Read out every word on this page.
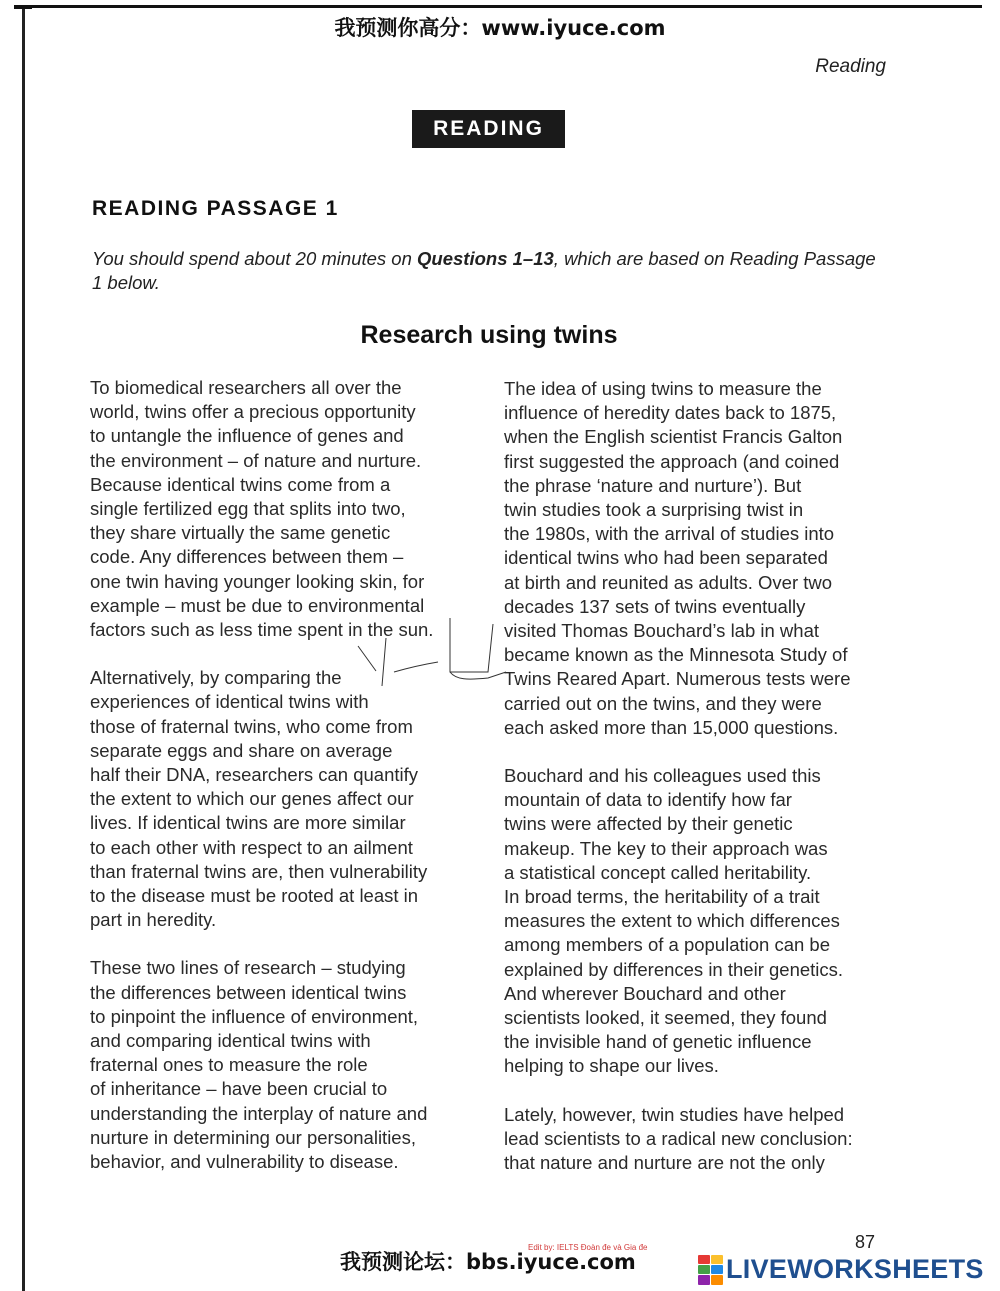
我预测你高分：www.iyuce.com
Reading
READING
READING PASSAGE 1
You should spend about 20 minutes on Questions 1–13, which are based on Reading Passage 1 below.
Research using twins

To biomedical researchers all over the
world, twins offer a precious opportunity
to untangle the influence of genes and
the environment – of nature and nurture.
Because identical twins come from a
single fertilized egg that splits into two,
they share virtually the same genetic
code. Any differences between them –
one twin having younger looking skin, for
example – must be due to environmental
factors such as less time spent in the sun.

Alternatively, by comparing the
experiences of identical twins with
those of fraternal twins, who come from
separate eggs and share on average
half their DNA, researchers can quantify
the extent to which our genes affect our
lives. If identical twins are more similar
to each other with respect to an ailment
than fraternal twins are, then vulnerability
to the disease must be rooted at least in
part in heredity.

These two lines of research – studying
the differences between identical twins
to pinpoint the influence of environment,
and comparing identical twins with
fraternal ones to measure the role
of inheritance – have been crucial to
understanding the interplay of nature and
nurture in determining our personalities,
behavior, and vulnerability to disease.

The idea of using twins to measure the
influence of heredity dates back to 1875,
when the English scientist Francis Galton
first suggested the approach (and coined
the phrase ‘nature and nurture’). But
twin studies took a surprising twist in
the 1980s, with the arrival of studies into
identical twins who had been separated
at birth and reunited as adults. Over two
decades 137 sets of twins eventually
visited Thomas Bouchard’s lab in what
became known as the Minnesota Study of
Twins Reared Apart. Numerous tests were
carried out on the twins, and they were
each asked more than 15,000 questions.

Bouchard and his colleagues used this
mountain of data to identify how far
twins were affected by their genetic
makeup. The key to their approach was
a statistical concept called heritability.
In broad terms, the heritability of a trait
measures the extent to which differences
among members of a population can be
explained by differences in their genetics.
And wherever Bouchard and other
scientists looked, it seemed, they found
the invisible hand of genetic influence
helping to shape our lives.

Lately, however, twin studies have helped
lead scientists to a radical new conclusion:
that nature and nurture are not the only

87
Edit by: IELTS Đoàn đe và Gia đe
我预测论坛：bbs.iyuce.com	LIVEWORKSHEETS
